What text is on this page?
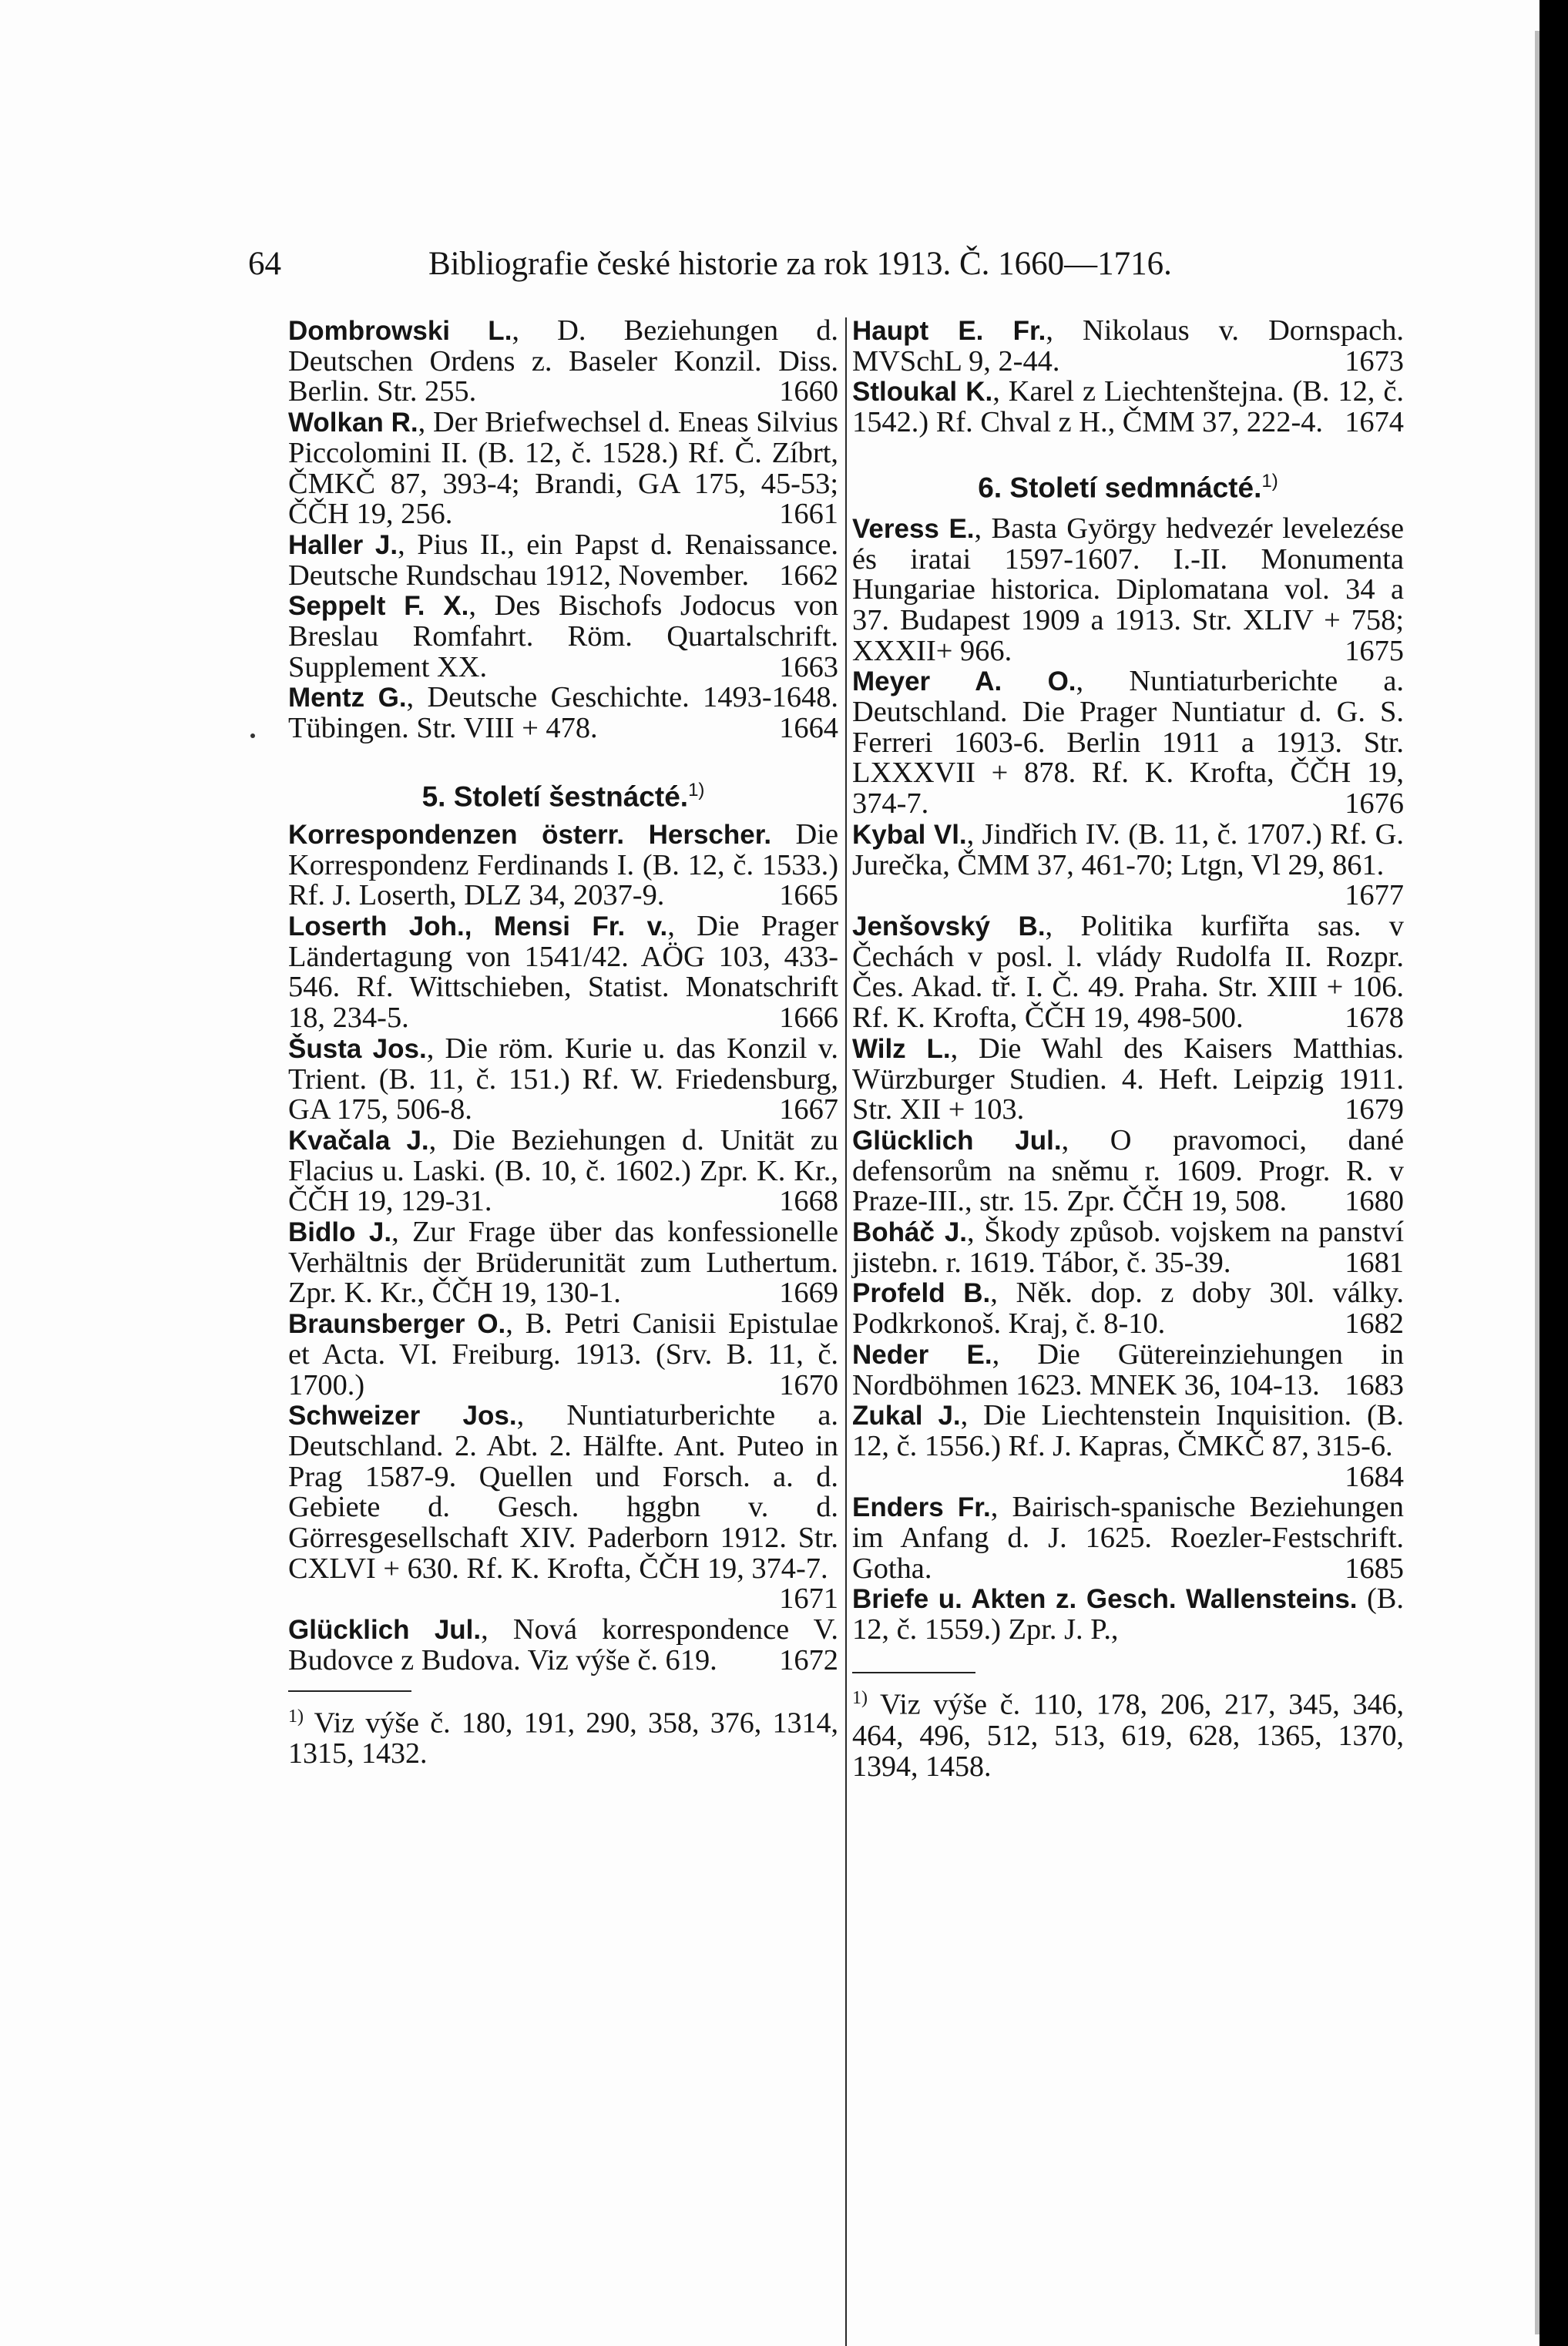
64	Bibliografie české historie za rok 1913. Č. 1660—1716.

Dombrowski L., D. Beziehungen d. Deutschen Ordens z. Baseler Konzil. Diss. Berlin. Str. 255.	1660

Wolkan R., Der Briefwechsel d. Eneas Silvius Piccolomini II. (B. 12, č. 1528.) Rf. Č. Zíbrt, ČMKČ 87, 393-4; Brandi, GA 175, 45-53; ČČH 19, 256.	1661

Haller J., Pius II., ein Papst d. Renaissance. Deutsche Rundschau 1912, November. 1662

Seppelt F. X., Des Bischofs Jodocus von Breslau Romfahrt. Röm. Quartalschrift. Supplement XX.	1663

Mentz G., Deutsche Geschichte. 1493-1648. Tübingen. Str. VIII + 478.	1664

5. Století šestnácté.$^{1)}$

Korrespondenzen österr. Herscher. Die Korrespondenz Ferdinands I. (B. 12, č. 1533.) Rf. J. Loserth, DLZ 34, 2037-9.	1665

Loserth Joh., Mensi Fr. v., Die Prager Ländertagung von 1541/42. AÖG 103, 433-546. Rf. Wittschieben, Statist. Monatschrift 18, 234-5.	1666

Šusta Jos., Die röm. Kurie u. das Konzil v. Trient. (B. 11, č. 151.) Rf. W. Friedensburg, GA 175, 506-8.	1667

Kvačala J., Die Beziehungen d. Unität zu Flacius u. Laski. (B. 10, č. 1602.) Zpr. K. Kr., ČČH 19, 129-31.	1668

Bidlo J., Zur Frage über das konfessionelle Verhältnis der Brüderunität zum Luthertum. Zpr. K. Kr., ČČH 19, 130-1.	1669

Braunsberger O., B. Petri Canisii Epistulae et Acta. VI. Freiburg. 1913. (Srv. B. 11, č. 1700.)	1670

Schweizer Jos., Nuntiaturberichte a. Deutschland. 2. Abt. 2. Hälfte. Ant. Puteo in Prag 1587-9. Quellen und Forsch. a. d. Gebiete d. Gesch. hggbn v. d. Görresgesellschaft XIV. Paderborn 1912. Str. CXLVI + 630. Rf. K. Krofta, ČČH 19, 374-7.
1671

Glücklich Jul., Nová korrespondence V. Budovce z Budova. Viz výše č. 619. 1672

$^{1)}$ Viz výše č. 180, 191, 290, 358, 376, 1314, 1315, 1432.

Haupt E. Fr., Nikolaus v. Dornspach. MVSchL 9, 2-44.	1673

Stloukal K., Karel z Liechtenštejna. (B. 12, č. 1542.) Rf. Chval z H., ČMM 37, 222-4. 1674

6. Století sedmnácté.$^{1)}$

Veress E., Basta György hedvezér levelezése és iratai 1597-1607. I.-II. Monumenta Hungariae historica. Diplomatana vol. 34 a 37. Budapest 1909 a 1913. Str. XLIV + 758; XXXII+ 966.	1675

Meyer A. O., Nuntiaturberichte a. Deutschland. Die Prager Nuntiatur d. G. S. Ferreri 1603-6. Berlin 1911 a 1913. Str. LXXXVII + 878. Rf. K. Krofta, ČČH 19, 374-7.	1676

Kybal Vl., Jindřich IV. (B. 11, č. 1707.) Rf. G. Jurečka, ČMM 37, 461-70; Ltgn, Vl 29, 861.
1677

Jenšovský B., Politika kurfiřta sas. v Čechách v posl. l. vlády Rudolfa II. Rozpr. Čes. Akad. tř. I. Č. 49. Praha. Str. XIII + 106. Rf. K. Krofta, ČČH 19, 498-500.	1678

Wilz L., Die Wahl des Kaisers Matthias. Würzburger Studien. 4. Heft. Leipzig 1911. Str. XII + 103.	1679

Glücklich Jul., O pravomoci, dané defensorům na sněmu r. 1609. Progr. R. v Praze-III., str. 15. Zpr. ČČH 19, 508. 1680

Boháč J., Škody způsob. vojskem na panství jistebn. r. 1619. Tábor, č. 35-39.	1681

Profeld B., Něk. dop. z doby 30l. války. Podkrkonoš. Kraj, č. 8-10.	1682

Neder E., Die Gütereinziehungen in Nordböhmen 1623. MNEK 36, 104-13. 1683

Zukal J., Die Liechtenstein Inquisition. (B. 12, č. 1556.) Rf. J. Kapras, ČMKČ 87, 315-6.
1684

Enders Fr., Bairisch-spanische Beziehungen im Anfang d. J. 1625. Roezler-Festschrift. Gotha.	1685

Briefe u. Akten z. Gesch. Wallensteins. (B. 12, č. 1559.) Zpr. J. P.,

$^{1)}$ Viz výše č. 110, 178, 206, 217, 345, 346, 464, 496, 512, 513, 619, 628, 1365, 1370, 1394, 1458.
